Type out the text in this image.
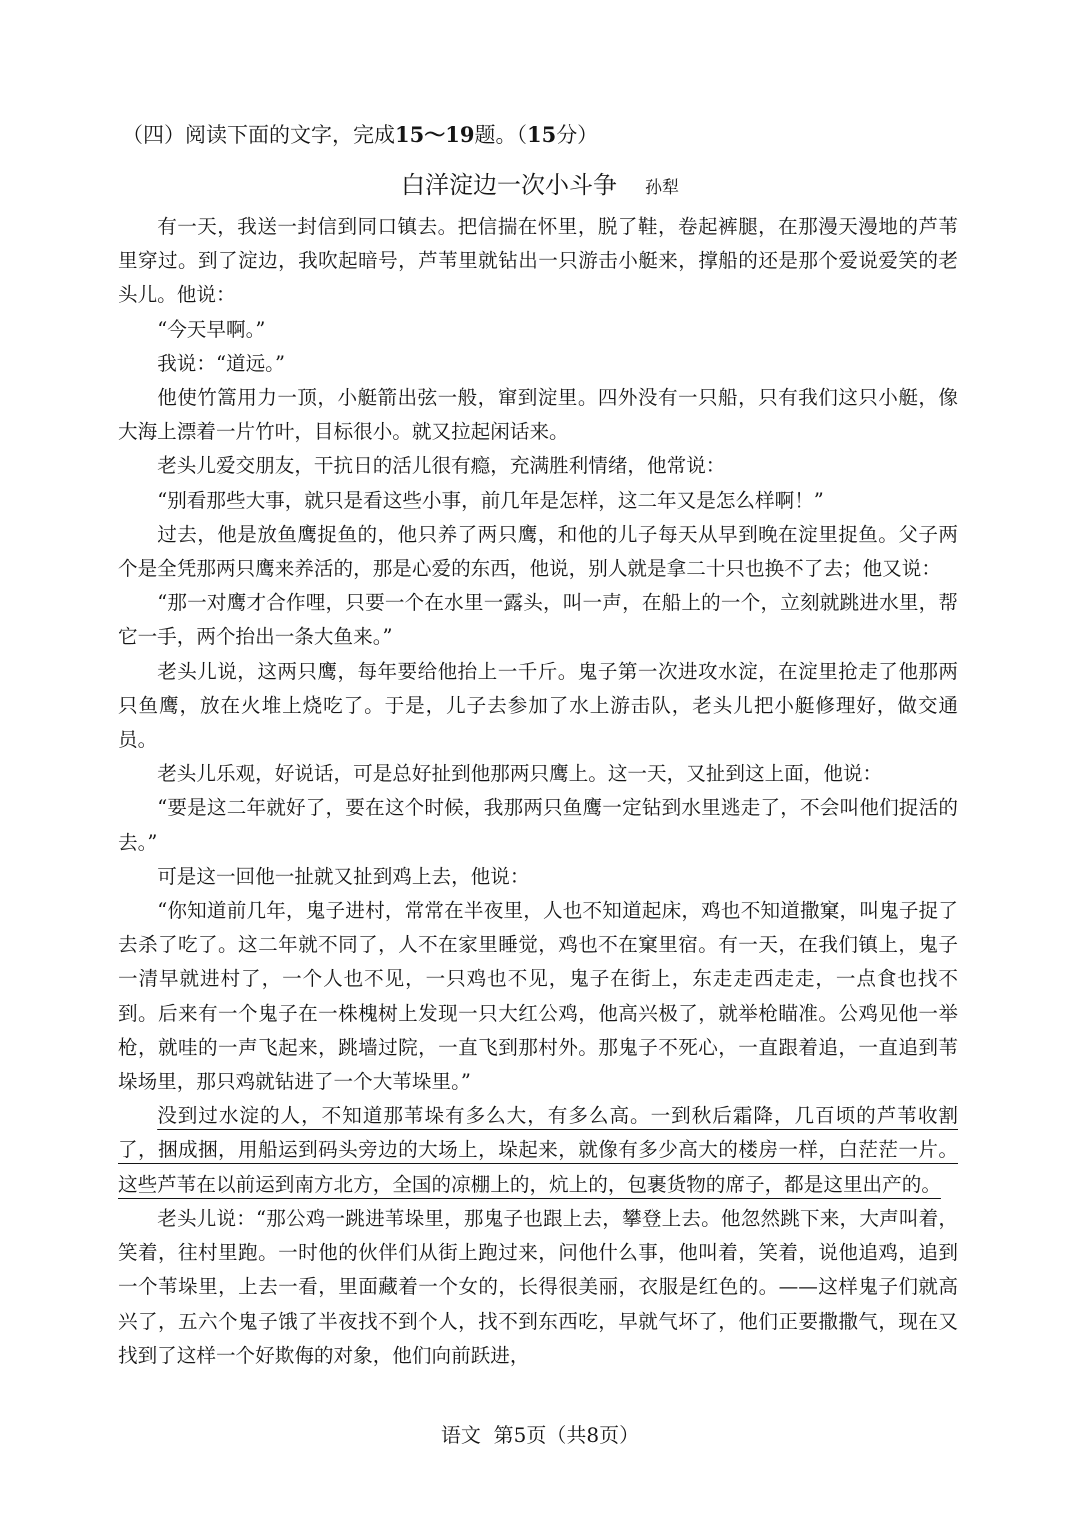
（四）阅读下面的文字，完成15～19题。（15分）
白洋淀边一次小斗争 孙犁

有一天，我送一封信到同口镇去。把信揣在怀里，脱了鞋，卷起裤腿，在那漫天漫地的芦苇里穿过。到了淀边，我吹起暗号，芦苇里就钻出一只游击小艇来，撑船的还是那个爱说爱笑的老头儿。他说：

“今天早啊。”

我说：“道远。”

他使竹篙用力一顶，小艇箭出弦一般，窜到淀里。四外没有一只船，只有我们这只小艇，像大海上漂着一片竹叶，目标很小。就又拉起闲话来。

老头儿爱交朋友，干抗日的活儿很有瘾，充满胜利情绪，他常说：

“别看那些大事，就只是看这些小事，前几年是怎样，这二年又是怎么样啊！”

过去，他是放鱼鹰捉鱼的，他只养了两只鹰，和他的儿子每天从早到晚在淀里捉鱼。父子两个是全凭那两只鹰来养活的，那是心爱的东西，他说，别人就是拿二十只也换不了去；他又说：

“那一对鹰才合作哩，只要一个在水里一露头，叫一声，在船上的一个，立刻就跳进水里，帮它一手，两个抬出一条大鱼来。”

老头儿说，这两只鹰，每年要给他抬上一千斤。鬼子第一次进攻水淀，在淀里抢走了他那两只鱼鹰，放在火堆上烧吃了。于是，儿子去参加了水上游击队，老头儿把小艇修理好，做交通员。

老头儿乐观，好说话，可是总好扯到他那两只鹰上。这一天，又扯到这上面，他说：

“要是这二年就好了，要在这个时候，我那两只鱼鹰一定钻到水里逃走了，不会叫他们捉活的去。”

可是这一回他一扯就又扯到鸡上去，他说：

“你知道前几年，鬼子进村，常常在半夜里，人也不知道起床，鸡也不知道撒窠，叫鬼子捉了去杀了吃了。这二年就不同了，人不在家里睡觉，鸡也不在窠里宿。有一天，在我们镇上，鬼子一清早就进村了，一个人也不见，一只鸡也不见，鬼子在街上，东走走西走走，一点食也找不到。后来有一个鬼子在一株槐树上发现一只大红公鸡，他高兴极了，就举枪瞄准。公鸡见他一举枪，就哇的一声飞起来，跳墙过院，一直飞到那村外。那鬼子不死心，一直跟着追，一直追到苇垛场里，那只鸡就钻进了一个大苇垛里。”

没到过水淀的人，不知道那苇垛有多么大，有多么高。一到秋后霜降，几百顷的芦苇收割了，捆成捆，用船运到码头旁边的大场上，垛起来，就像有多少高大的楼房一样，白茫茫一片。这些芦苇在以前运到南方北方，全国的凉棚上的，炕上的，包裹货物的席子，都是这里出产的。

老头儿说：“那公鸡一跳进苇垛里，那鬼子也跟上去，攀登上去。他忽然跳下来，大声叫着，笑着，往村里跑。一时他的伙伴们从街上跑过来，问他什么事，他叫着，笑着，说他追鸡，追到一个苇垛里，上去一看，里面藏着一个女的，长得很美丽，衣服是红色的。——这样鬼子们就高兴了，五六个鬼子饿了半夜找不到个人，找不到东西吃，早就气坏了，他们正要撒撒气，现在又找到了这样一个好欺侮的对象，他们向前跃进，

语文 第5页（共8页）
